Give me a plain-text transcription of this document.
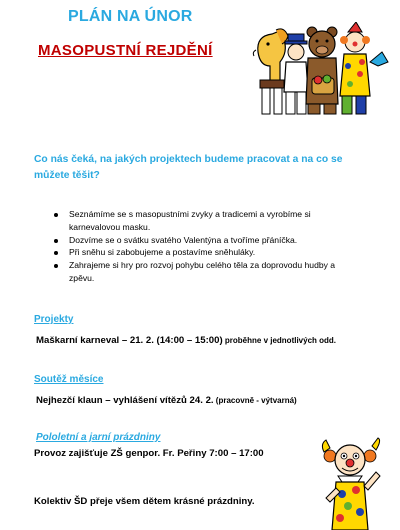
PLÁN NA ÚNOR
MASOPUSTNÍ REJDĚNÍ
Co nás čeká, na jakých projektech budeme pracovat a na co se můžete těšit?
Seznámíme se s masopustními zvyky a tradicemi a vyrobíme si karnevalovou masku.
Dozvíme se o svátku svatého Valentýna a tvoříme přáníčka.
Při sněhu si zabobujeme a postavíme sněhuláky.
Zahrajeme si hry pro rozvoj pohybu celého těla za doprovodu hudby a zpěvu.
Projekty
Maškarní karneval – 21. 2. (14:00 – 15:00) proběhne v jednotlivých odd.
Soutěž měsíce
Nejhezčí klaun – vyhlášení vítězů 24. 2. (pracovně - výtvarná)
Pololetní a jarní prázdniny
Provoz zajišťuje ZŠ genpor. Fr. Peřiny 7:00 – 17:00
Kolektiv ŠD přeje všem dětem krásné prázdniny.
